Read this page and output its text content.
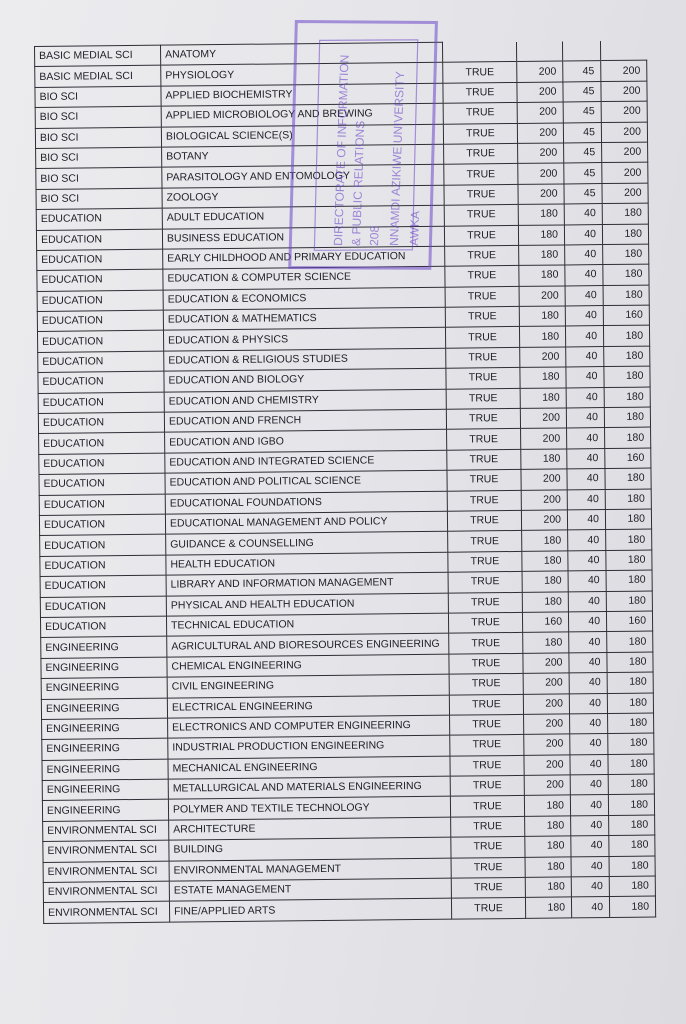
BASIC MEDIAL SCI	ANATOMY				
BASIC MEDIAL SCI	PHYSIOLOGY	TRUE	200	45	200
BIO SCI	APPLIED BIOCHEMISTRY	TRUE	200	45	200
BIO SCI	APPLIED MICROBIOLOGY AND BREWING	TRUE	200	45	200
BIO SCI	BIOLOGICAL SCIENCE(S)	TRUE	200	45	200
BIO SCI	BOTANY	TRUE	200	45	200
BIO SCI	PARASITOLOGY AND ENTOMOLOGY	TRUE	200	45	200
BIO SCI	ZOOLOGY	TRUE	200	45	200
EDUCATION	ADULT EDUCATION	TRUE	180	40	180
EDUCATION	BUSINESS EDUCATION	TRUE	180	40	180
EDUCATION	EARLY CHILDHOOD AND PRIMARY EDUCATION	TRUE	180	40	180
EDUCATION	EDUCATION & COMPUTER SCIENCE	TRUE	180	40	180
EDUCATION	EDUCATION & ECONOMICS	TRUE	200	40	180
EDUCATION	EDUCATION & MATHEMATICS	TRUE	180	40	160
EDUCATION	EDUCATION & PHYSICS	TRUE	180	40	180
EDUCATION	EDUCATION & RELIGIOUS STUDIES	TRUE	200	40	180
EDUCATION	EDUCATION AND BIOLOGY	TRUE	180	40	180
EDUCATION	EDUCATION AND CHEMISTRY	TRUE	180	40	180
EDUCATION	EDUCATION AND FRENCH	TRUE	200	40	180
EDUCATION	EDUCATION AND IGBO	TRUE	200	40	180
EDUCATION	EDUCATION AND INTEGRATED SCIENCE	TRUE	180	40	160
EDUCATION	EDUCATION AND POLITICAL SCIENCE	TRUE	200	40	180
EDUCATION	EDUCATIONAL FOUNDATIONS	TRUE	200	40	180
EDUCATION	EDUCATIONAL MANAGEMENT AND POLICY	TRUE	200	40	180
EDUCATION	GUIDANCE & COUNSELLING	TRUE	180	40	180
EDUCATION	HEALTH EDUCATION	TRUE	180	40	180
EDUCATION	LIBRARY AND INFORMATION MANAGEMENT	TRUE	180	40	180
EDUCATION	PHYSICAL AND HEALTH EDUCATION	TRUE	180	40	180
EDUCATION	TECHNICAL EDUCATION	TRUE	160	40	160
ENGINEERING	AGRICULTURAL AND BIORESOURCES ENGINEERING	TRUE	180	40	180
ENGINEERING	CHEMICAL ENGINEERING	TRUE	200	40	180
ENGINEERING	CIVIL ENGINEERING	TRUE	200	40	180
ENGINEERING	ELECTRICAL ENGINEERING	TRUE	200	40	180
ENGINEERING	ELECTRONICS AND COMPUTER ENGINEERING	TRUE	200	40	180
ENGINEERING	INDUSTRIAL PRODUCTION ENGINEERING	TRUE	200	40	180
ENGINEERING	MECHANICAL ENGINEERING	TRUE	200	40	180
ENGINEERING	METALLURGICAL AND MATERIALS ENGINEERING	TRUE	200	40	180
ENGINEERING	POLYMER AND TEXTILE TECHNOLOGY	TRUE	180	40	180
ENVIRONMENTAL SCI	ARCHITECTURE	TRUE	180	40	180
ENVIRONMENTAL SCI	BUILDING	TRUE	180	40	180
ENVIRONMENTAL SCI	ENVIRONMENTAL MANAGEMENT	TRUE	180	40	180
ENVIRONMENTAL SCI	ESTATE MANAGEMENT	TRUE	180	40	180
ENVIRONMENTAL SCI	FINE/APPLIED ARTS	TRUE	180	40	180
DIRECTORATE OF INFORMATION
& PUBLIC RELATIONS 208 NNAMDI AZIKIWE UNIVERSITY AWKA
